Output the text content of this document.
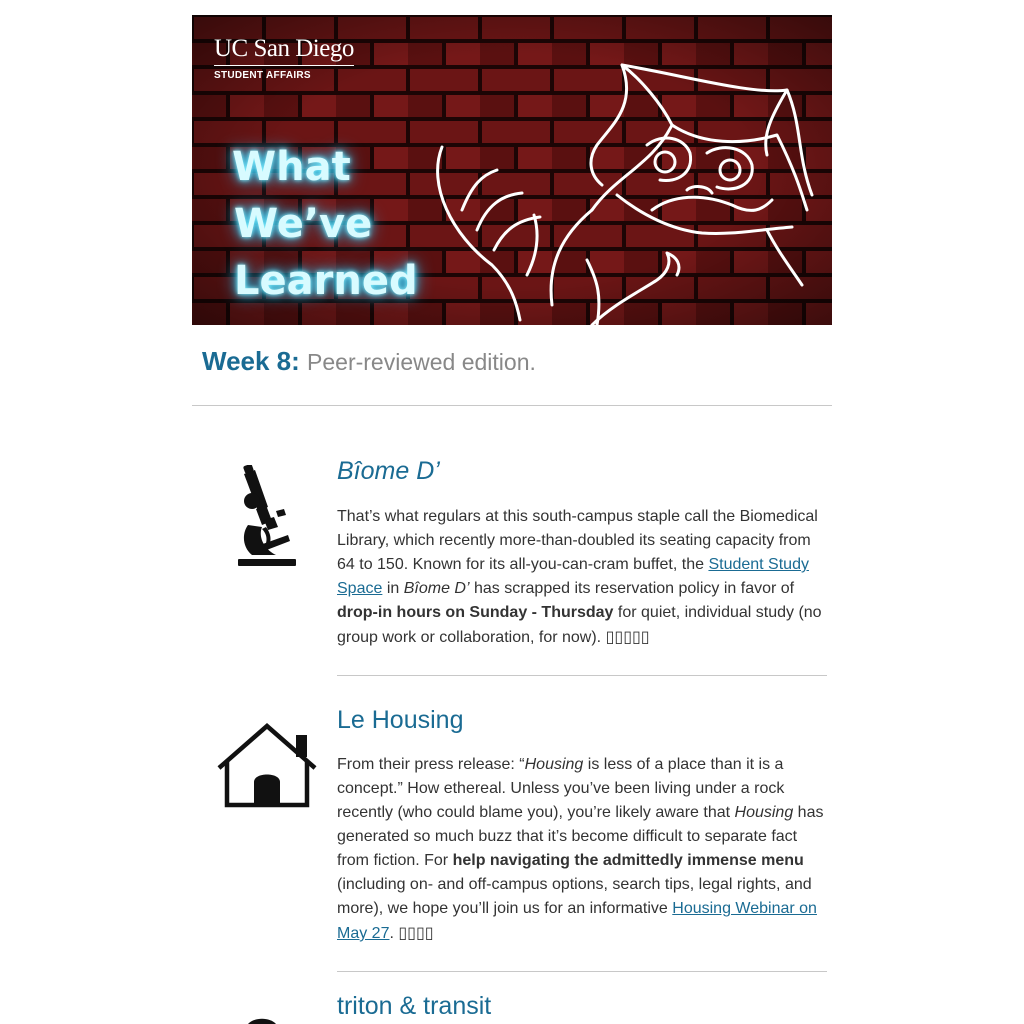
UC San Diego
STUDENT AFFAIRS
What
We’ve
Learned
Week 8: Peer-reviewed edition.
Bîome D’

That’s what regulars at this south-campus staple call the Biomedical Library, which recently more-than-doubled its seating capacity from 64 to 150. Known for its all-you-can-cram buffet, the Student Study Space in Bîome D’ has scrapped its reservation policy in favor of drop-in hours on Sunday - Thursday for quiet, individual study (no group work or collaboration, for now). ▯▯▯▯▯

Le Housing

From their press release: “Housing is less of a place than it is a concept.” How ethereal. Unless you’ve been living under a rock recently (who could blame you), you’re likely aware that Housing has generated so much buzz that it’s become difficult to separate fact from fiction. For help navigating the admittedly immense menu (including on- and off-campus options, search tips, legal rights, and more), we hope you’ll join us for an informative Housing Webinar on May 27. ▯▯▯▯

triton & transit
